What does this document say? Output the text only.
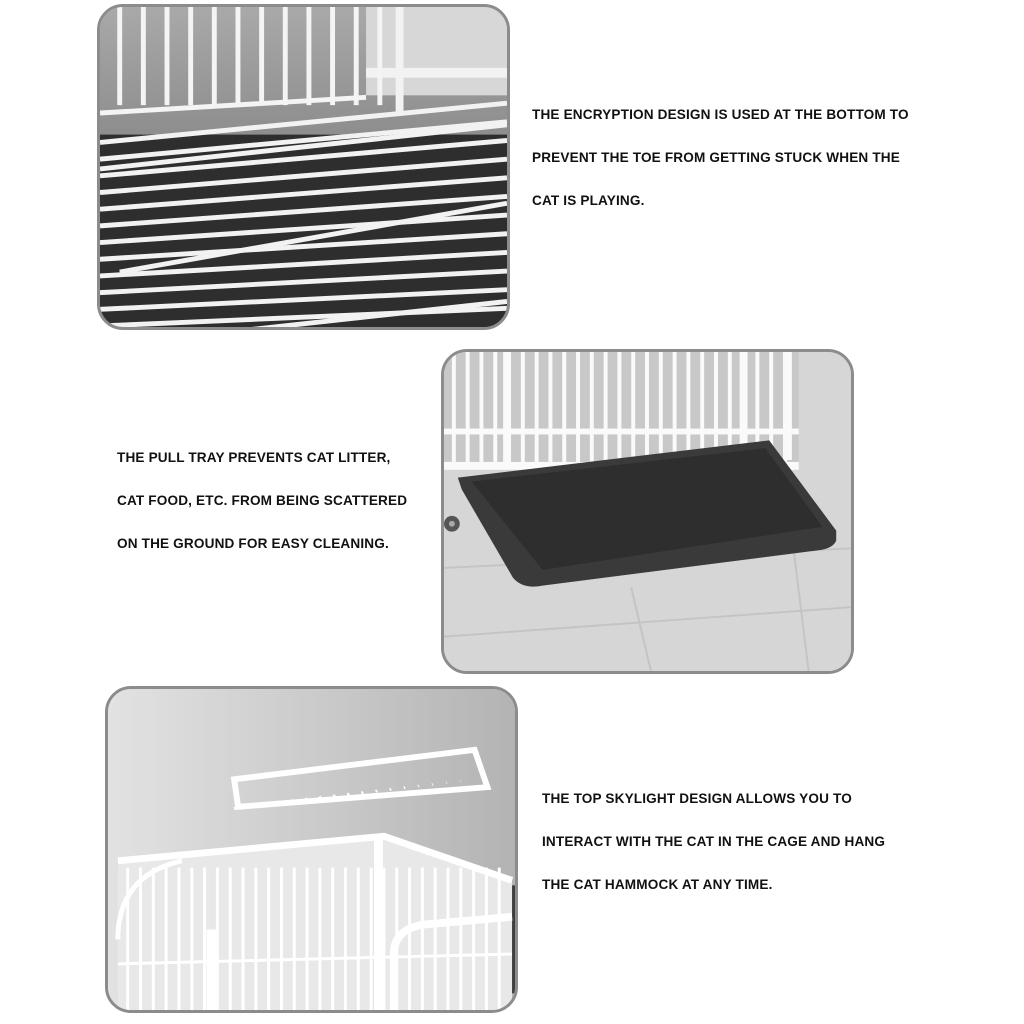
THE ENCRYPTION DESIGN IS USED AT THE BOTTOM TO
PREVENT THE TOE FROM GETTING STUCK WHEN THE
CAT IS PLAYING.

THE PULL TRAY PREVENTS CAT LITTER,
CAT FOOD, ETC. FROM BEING SCATTERED
ON THE GROUND FOR EASY CLEANING.

THE TOP SKYLIGHT DESIGN ALLOWS YOU TO
INTERACT WITH THE CAT IN THE CAGE AND HANG
THE CAT HAMMOCK AT ANY TIME.
